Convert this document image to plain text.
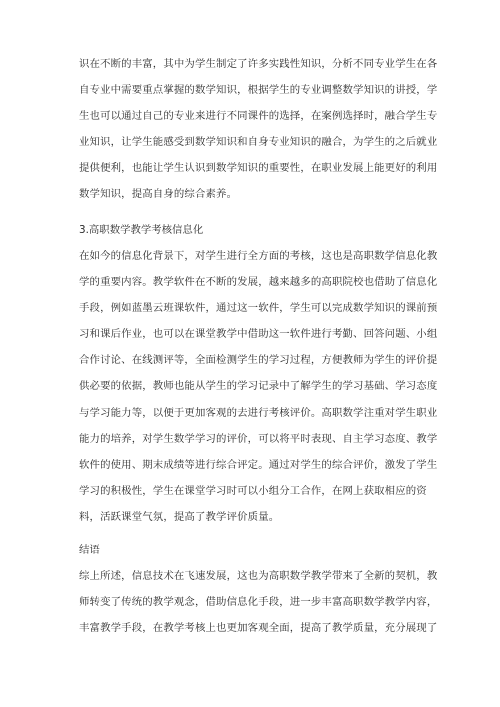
识在不断的丰富，其中为学生制定了许多实践性知识，分析不同专业学生在各
自专业中需要重点掌握的数学知识，根据学生的专业调整数学知识的讲授，学
生也可以通过自己的专业来进行不同课件的选择，在案例选择时，融合学生专
业知识，让学生能感受到数学知识和自身专业知识的融合，为学生的之后就业
提供便利，也能让学生认识到数学知识的重要性，在职业发展上能更好的利用
数学知识，提高自身的综合素养。
3.高职数学教学考核信息化
在如今的信息化背景下，对学生进行全方面的考核，这也是高职数学信息化教
学的重要内容。教学软件在不断的发展，越来越多的高职院校也借助了信息化
手段，例如蓝墨云班课软件，通过这一软件，学生可以完成数学知识的课前预
习和课后作业，也可以在课堂教学中借助这一软件进行考勤、回答问题、小组
合作讨论、在线测评等，全面检测学生的学习过程，方便教师为学生的评价提
供必要的依据，教师也能从学生的学习记录中了解学生的学习基础、学习态度
与学习能力等，以便于更加客观的去进行考核评价。高职数学注重对学生职业
能力的培养，对学生数学学习的评价，可以将平时表现、自主学习态度、教学
软件的使用、期末成绩等进行综合评定。通过对学生的综合评价，激发了学生
学习的积极性，学生在课堂学习时可以小组分工合作，在网上获取相应的资
料，活跃课堂气氛，提高了教学评价质量。
结语
综上所述，信息技术在飞速发展，这也为高职数学教学带来了全新的契机，教
师转变了传统的教学观念，借助信息化手段，进一步丰富高职数学教学内容，
丰富教学手段，在教学考核上也更加客观全面，提高了教学质量，充分展现了
